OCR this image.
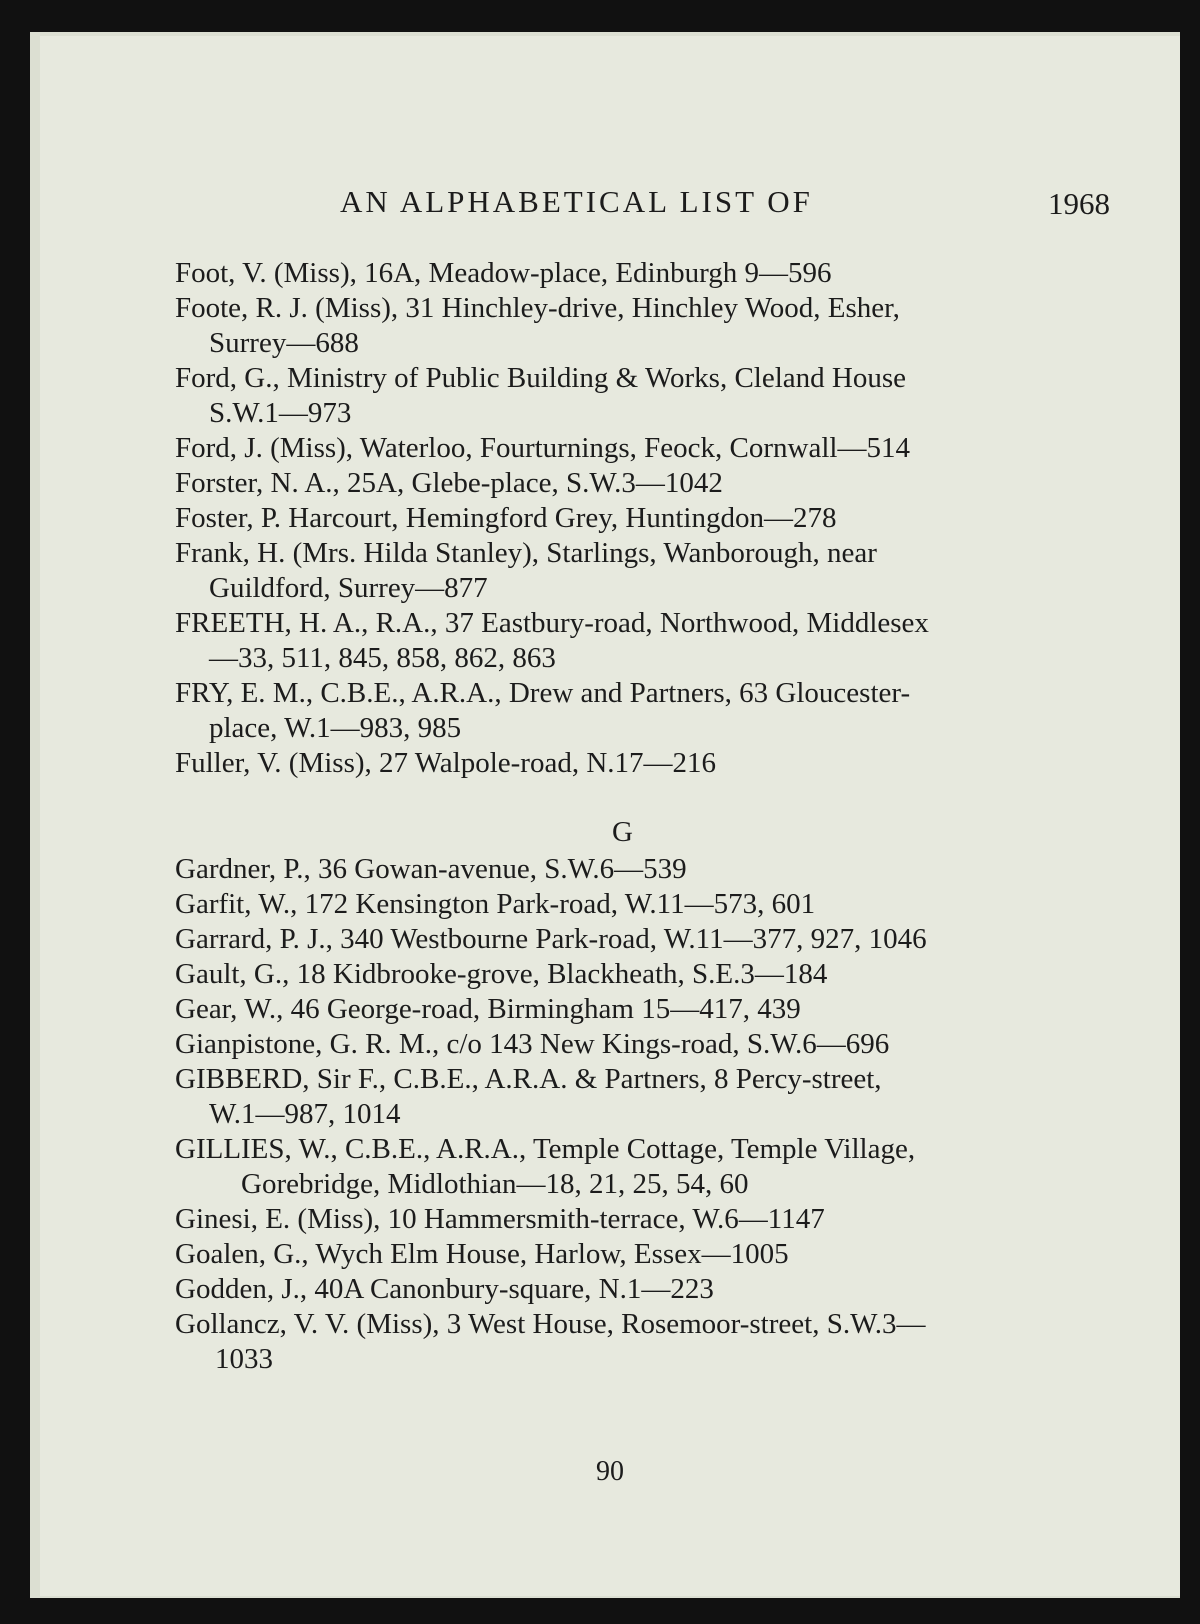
AN ALPHABETICAL LIST OF	1968
Foot, V. (Miss), 16A, Meadow-place, Edinburgh 9—596
Foote, R. J. (Miss), 31 Hinchley-drive, Hinchley Wood, Esher,
Surrey—688
Ford, G., Ministry of Public Building & Works, Cleland House
S.W.1—973
Ford, J. (Miss), Waterloo, Fourturnings, Feock, Cornwall—514
Forster, N. A., 25A, Glebe-place, S.W.3—1042
Foster, P. Harcourt, Hemingford Grey, Huntingdon—278
Frank, H. (Mrs. Hilda Stanley), Starlings, Wanborough, near
Guildford, Surrey—877
FREETH, H. A., R.A., 37 Eastbury-road, Northwood, Middlesex
—33, 511, 845, 858, 862, 863
FRY, E. M., C.B.E., A.R.A., Drew and Partners, 63 Gloucester-
place, W.1—983, 985
Fuller, V. (Miss), 27 Walpole-road, N.17—216
G
Gardner, P., 36 Gowan-avenue, S.W.6—539
Garfit, W., 172 Kensington Park-road, W.11—573, 601
Garrard, P. J., 340 Westbourne Park-road, W.11—377, 927, 1046
Gault, G., 18 Kidbrooke-grove, Blackheath, S.E.3—184
Gear, W., 46 George-road, Birmingham 15—417, 439
Gianpistone, G. R. M., c/o 143 New Kings-road, S.W.6—696
GIBBERD, Sir F., C.B.E., A.R.A. & Partners, 8 Percy-street,
W.1—987, 1014
GILLIES, W., C.B.E., A.R.A., Temple Cottage, Temple Village,
Gorebridge, Midlothian—18, 21, 25, 54, 60
Ginesi, E. (Miss), 10 Hammersmith-terrace, W.6—1147
Goalen, G., Wych Elm House, Harlow, Essex—1005
Godden, J., 40A Canonbury-square, N.1—223
Gollancz, V. V. (Miss), 3 West House, Rosemoor-street, S.W.3—
1033
90
